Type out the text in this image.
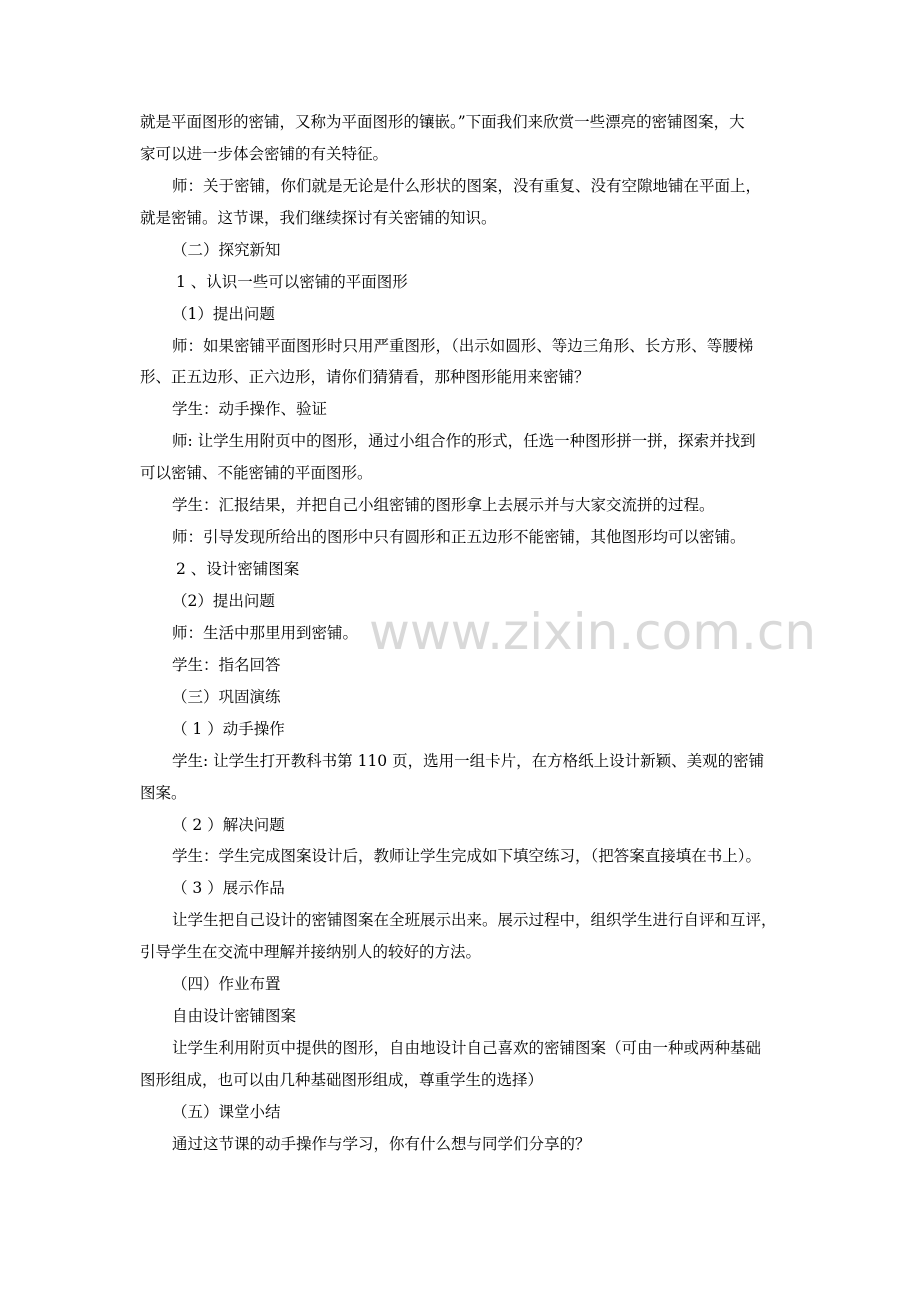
www.zixin.com.cn
就是平面图形的密铺，又称为平面图形的镶嵌。”下面我们来欣赏一些漂亮的密铺图案，大
家可以进一步体会密铺的有关特征。
师：关于密铺，你们就是无论是什么形状的图案，没有重复、没有空隙地铺在平面上，
就是密铺。这节课，我们继续探讨有关密铺的知识。
（二）探究新知
1 、认识一些可以密铺的平面图形
（1）提出问题
师：如果密铺平面图形时只用严重图形，（出示如圆形、等边三角形、长方形、等腰梯
形、正五边形、正六边形，请你们猜猜看，那种图形能用来密铺？
学生：动手操作、验证
师: 让学生用附页中的图形，通过小组合作的形式，任选一种图形拼一拼，探索并找到
可以密铺、不能密铺的平面图形。
学生：汇报结果，并把自己小组密铺的图形拿上去展示并与大家交流拼的过程。
师：引导发现所给出的图形中只有圆形和正五边形不能密铺，其他图形均可以密铺。
2 、设计密铺图案
（2）提出问题
师：生活中那里用到密铺。
学生：指名回答
（三）巩固演练
（ 1 ）动手操作
学生: 让学生打开教科书第 110 页，选用一组卡片，在方格纸上设计新颖、美观的密铺
图案。
（ 2 ）解决问题
学生：学生完成图案设计后，教师让学生完成如下填空练习，（把答案直接填在书上）。
（ 3 ）展示作品
让学生把自己设计的密铺图案在全班展示出来。展示过程中，组织学生进行自评和互评，
引导学生在交流中理解并接纳别人的较好的方法。
（四）作业布置
自由设计密铺图案
让学生利用附页中提供的图形，自由地设计自己喜欢的密铺图案（可由一种或两种基础
图形组成，也可以由几种基础图形组成，尊重学生的选择）
（五）课堂小结
通过这节课的动手操作与学习，你有什么想与同学们分享的？
